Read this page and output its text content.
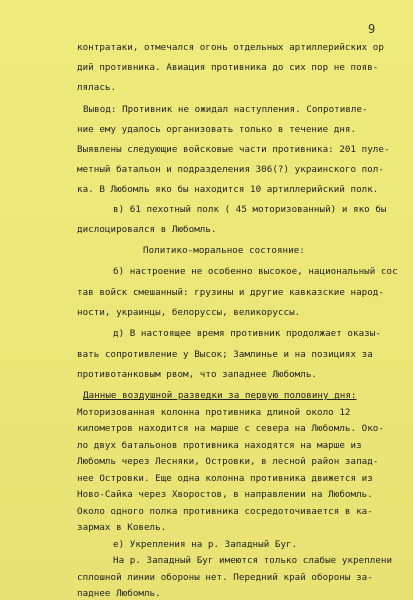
9
контратаки, отмечался огонь отдельных артиллерийских ор
дий противника. Авиация противника до сих пор не появ-
лялась.
Вывод: Противник не ожидал наступления. Сопротивле-
ние ему удалось организовать только в течение дня.
Выявлены следующие войсковые части противника: 201 пуле-
метный батальон и подразделения 306(?) украинского пол-
ка. В Любомль яко бы находится 10 артиллерийский полк.
в) 61 пехотный полк ( 45 моторизованный) и яко бы
дислоцировался в Любомль.
Политико-моральное состояние:
б) настроение не особенно высокое, национальный сос
тав войск смешанный: грузины и другие кавказские народ-
ности, украинцы, белоруссы, великоруссы.
д) В настоящее время противник продолжает оказы-
вать сопротивление у Высок; Замлинье и на позициях за
противотанковым рвом, что западнее Любомль.
Данные воздушной разведки за первую половину дня:
Моторизованная колонна противника длиной около 12
километров находится на марше с севера на Любомль. Око-
ло двух батальонов противника находятся на марше из
Любомль через Лесняки, Островки, в лесной район запад-
нее Островки. Еще одна колонна противника движется из
Ново-Сайка через Хворостов, в направлении на Любомль.
Около одного полка противника сосредоточивается в ка-
зармах в Ковель.
е) Укрепления на р. Западный Буг.
На р. Западный Буг имеются только слабые укреплени
сплошной линии обороны нет. Передний край обороны за-
паднее Любомль.
